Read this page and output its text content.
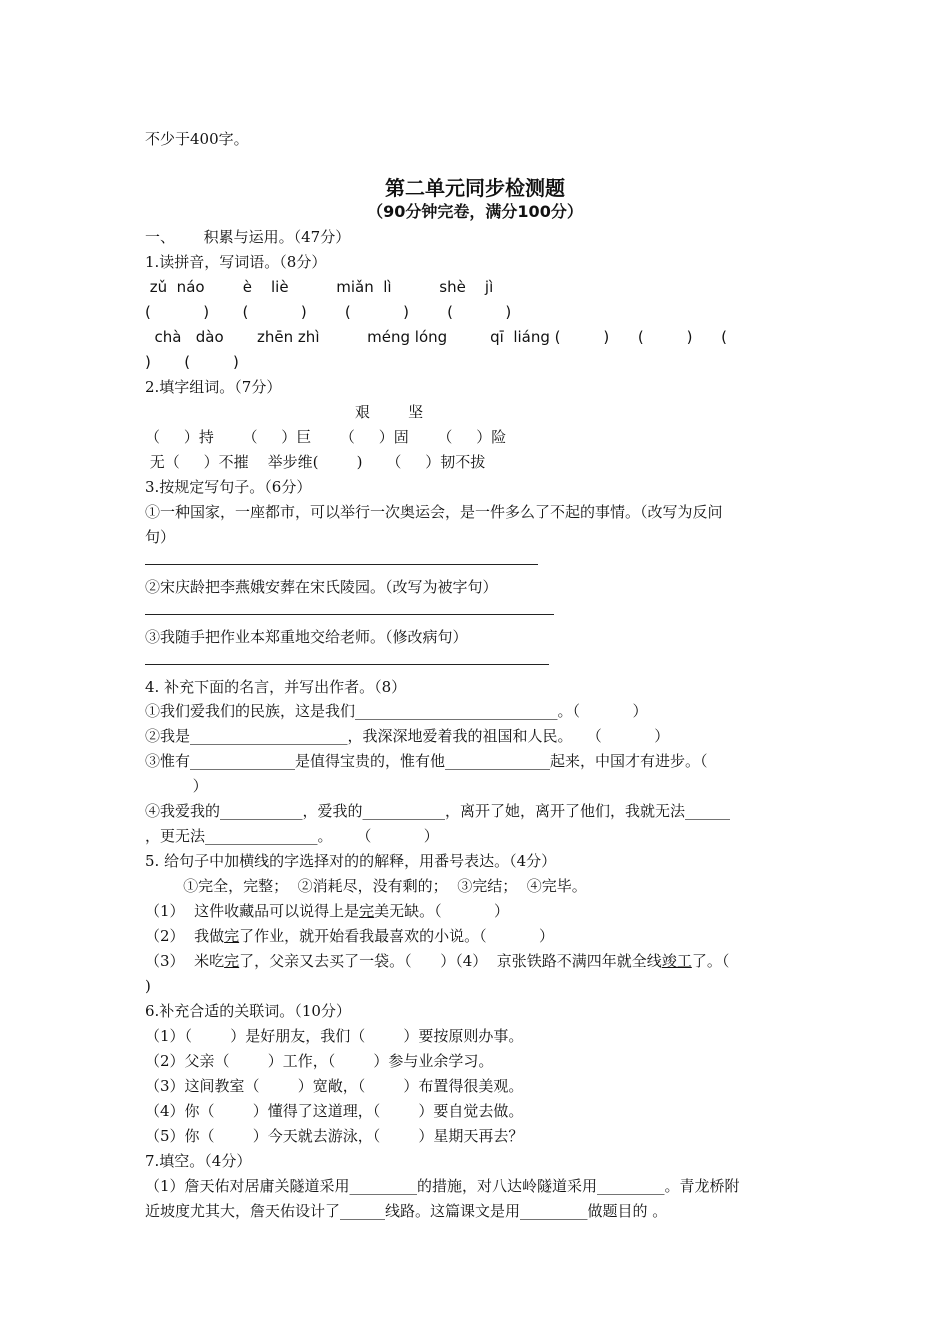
不少于400字。

第二单元同步检测题
（90分钟完卷，满分100分）

一、      积累与运用。（47分）

1.读拼音，写词语。（8分）

zǔ  náo        è    liè          miǎn  lì          shè    jì

(           )       (           )        (           )        (           )

chà   dào       zhēn zhì          méng lóng         qī  liáng (         )      (         )      (

)       (         )

2.填字组词。（7分）

艰        坚

（     ）持      （     ）巨      （     ）固      （     ）险

无（     ）不摧    举步维(        )     （     ）韧不拔

3.按规定写句子。（6分）

①一种国家，一座都市，可以举行一次奥运会，是一件多么了不起的事情。（改写为反问

句）

②宋庆龄把李燕娥安葬在宋氏陵园。（改写为被字句）

③我随手把作业本郑重地交给老师。（修改病句）

4. 补充下面的名言，并写出作者。（8）

①我们爱我们的民族，这是我们___________________________。（           ）

②我是_____________________，我深深地爱着我的祖国和人民。   （           ）

③惟有______________是值得宝贵的，惟有他______________起来，中国才有进步。（

）

④我爱我的___________，爱我的___________，离开了她，离开了他们，我就无法______

，更无法_______________。     （           ）

5. 给句子中加横线的字选择对的的解释，用番号表达。（4分）

①完全，完整；  ②消耗尽，没有剩的；  ③完结；  ④完毕。

（1）  这件收藏品可以说得上是完美无缺。（           ）

（2）  我做完了作业，就开始看我最喜欢的小说。（           ）

（3）  米吃完了，父亲又去买了一袋。（      ）（4）  京张铁路不满四年就全线竣工了。（

)

6.补充合适的关联词。（10分）

（1）（        ）是好朋友，我们（        ）要按原则办事。

（2）父亲（        ）工作，（        ）参与业余学习。

（3）这间教室（        ）宽敞，（        ）布置得很美观。

（4）你（        ）懂得了这道理，（        ）要自觉去做。

（5）你（        ）今天就去游泳，（        ）星期天再去？

7.填空。（4分）

（1）詹天佑对居庸关隧道采用_________的措施，对八达岭隧道采用_________。青龙桥附

近坡度尤其大，詹天佑设计了______线路。这篇课文是用_________做题目的 。
